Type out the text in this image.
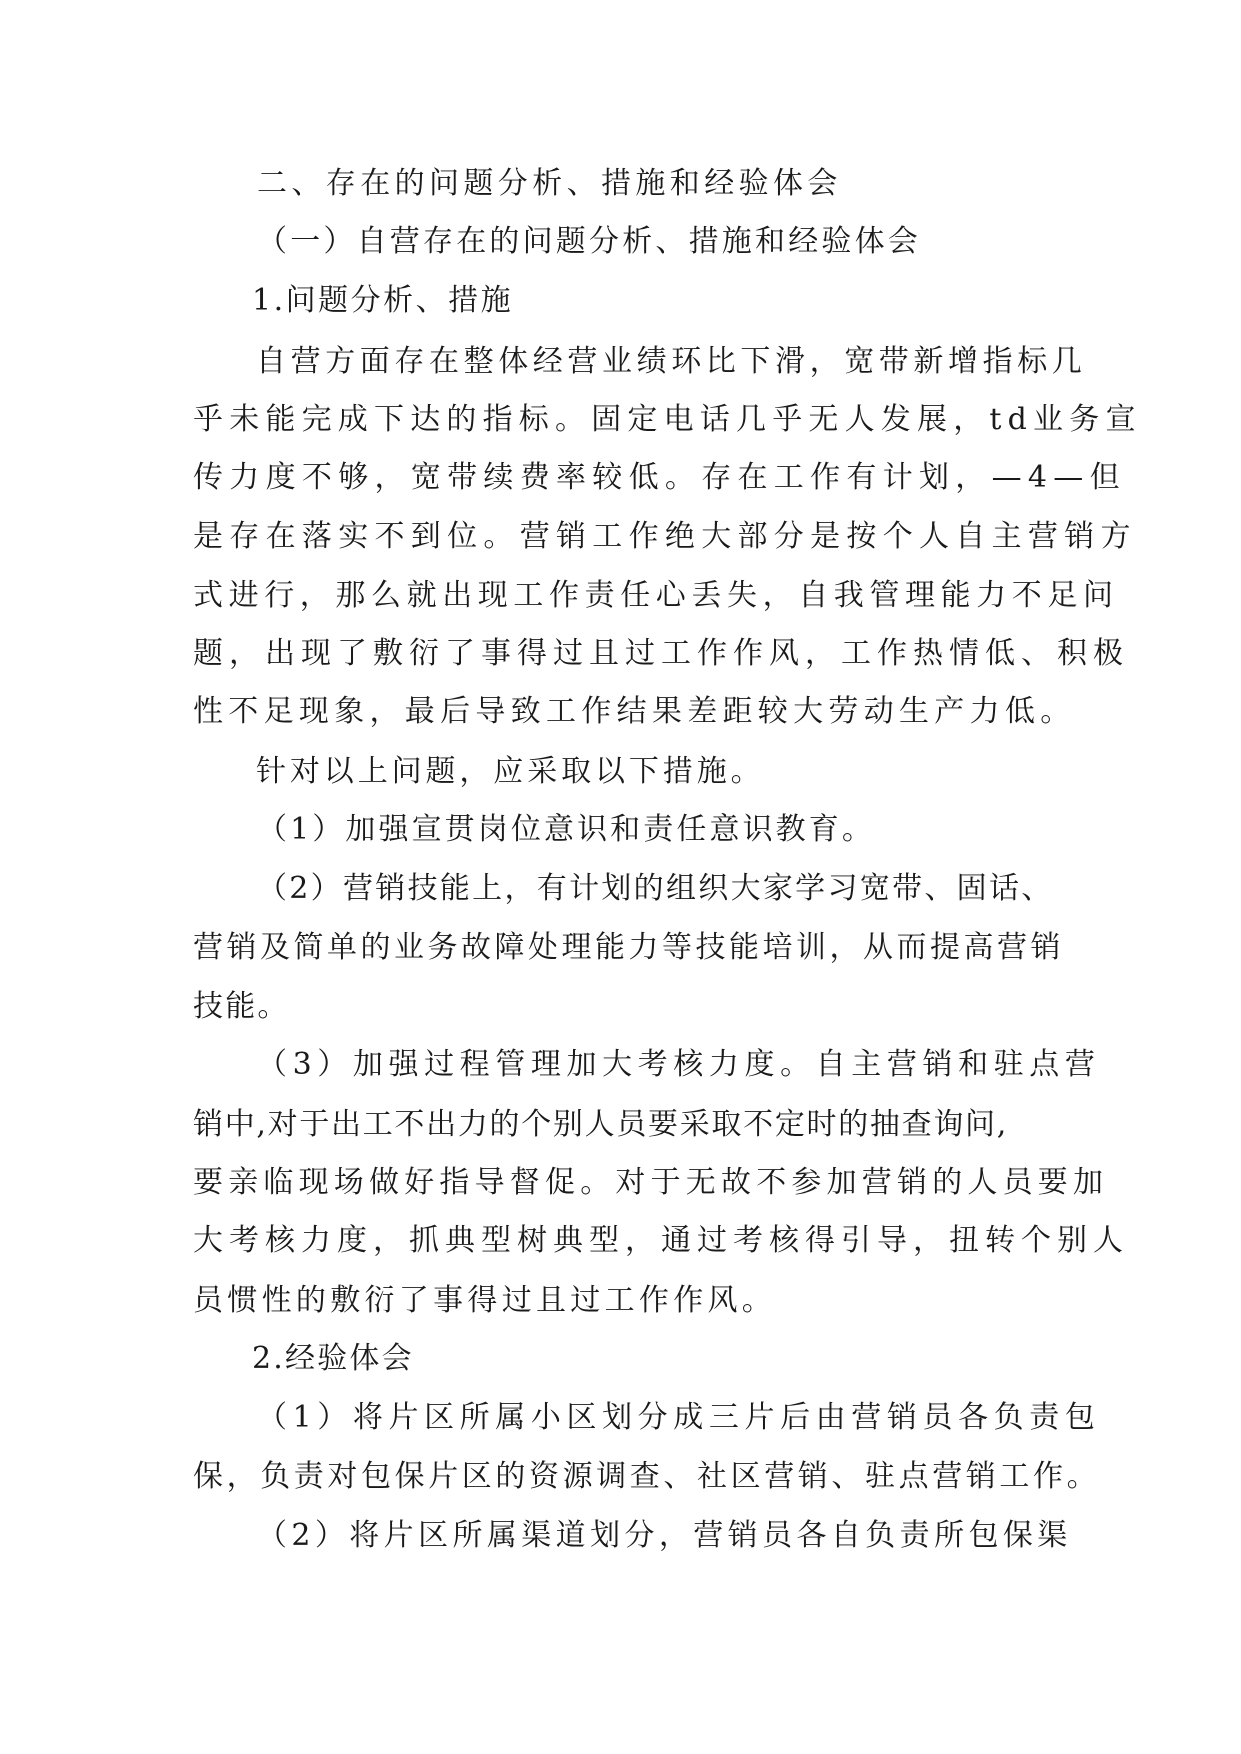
二、存在的问题分析、措施和经验体会

（一）自营存在的问题分析、措施和经验体会

1.问题分析、措施

自营方面存在整体经营业绩环比下滑，宽带新增指标几

乎未能完成下达的指标。固定电话几乎无人发展，td业务宣

传力度不够，宽带续费率较低。存在工作有计划，—4—但

是存在落实不到位。营销工作绝大部分是按个人自主营销方

式进行，那么就出现工作责任心丢失，自我管理能力不足问

题，出现了敷衍了事得过且过工作作风，工作热情低、积极

性不足现象，最后导致工作结果差距较大劳动生产力低。

针对以上问题，应采取以下措施。

（1）加强宣贯岗位意识和责任意识教育。

（2）营销技能上，有计划的组织大家学习宽带、固话、

营销及简单的业务故障处理能力等技能培训，从而提高营销

技能。

（3）加强过程管理加大考核力度。自主营销和驻点营

销中,对于出工不出力的个别人员要采取不定时的抽查询问,

要亲临现场做好指导督促。对于无故不参加营销的人员要加

大考核力度，抓典型树典型，通过考核得引导，扭转个别人

员惯性的敷衍了事得过且过工作作风。

2.经验体会

（1）将片区所属小区划分成三片后由营销员各负责包

保，负责对包保片区的资源调查、社区营销、驻点营销工作。

（2）将片区所属渠道划分，营销员各自负责所包保渠
